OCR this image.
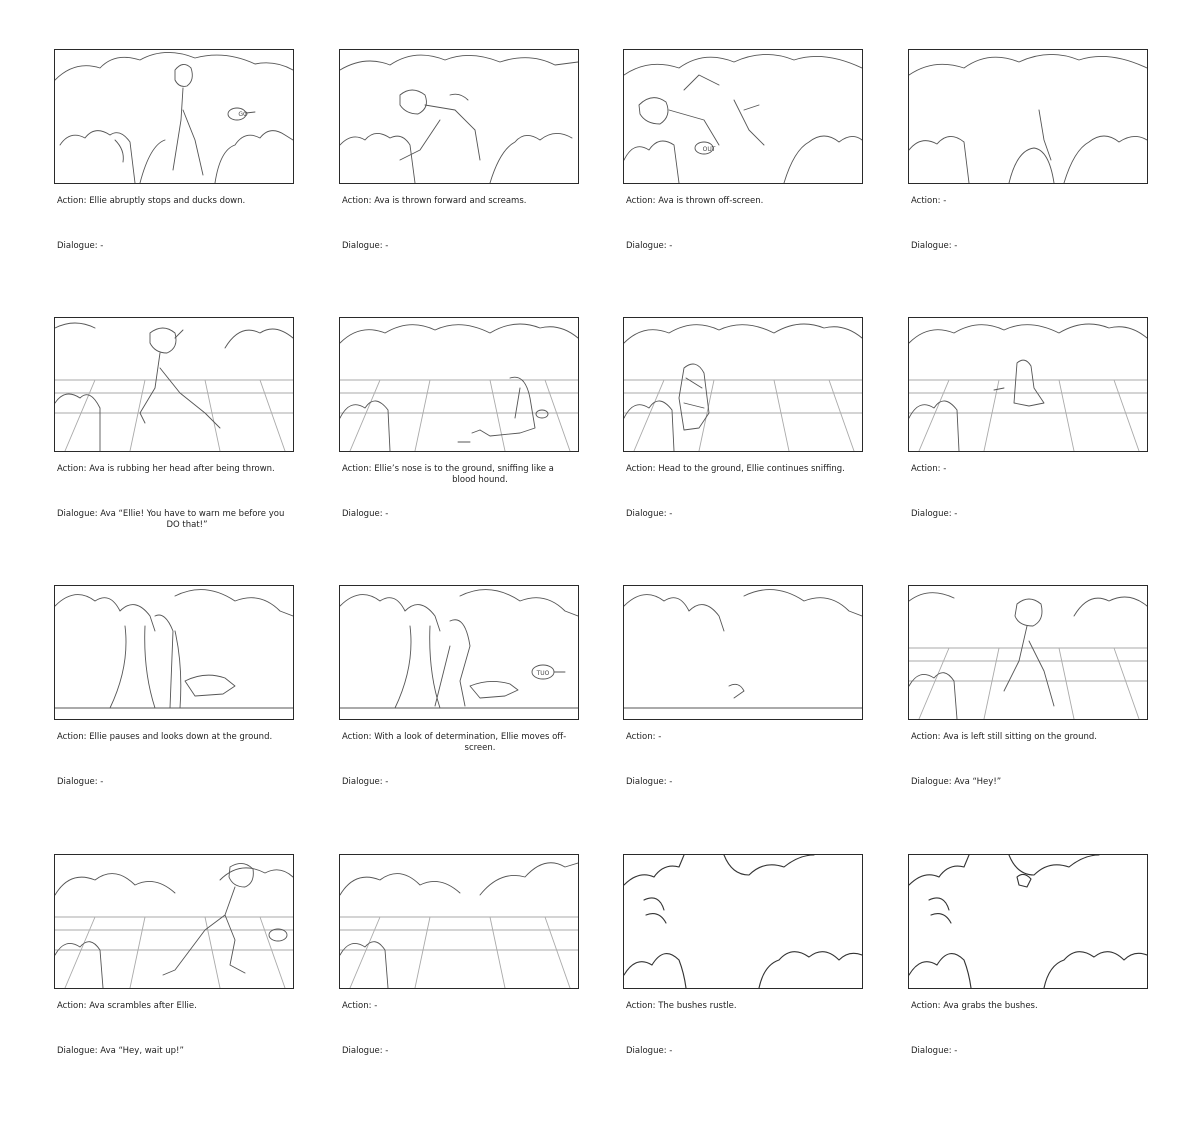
GO
Action: Ellie abruptly stops and ducks down.
Dialogue: -
Action: Ava is thrown forward and screams.
Dialogue: -
OUT
Action: Ava is thrown off-screen.
Dialogue: -
Action: -
Dialogue: -
Action: Ava is rubbing her head after being thrown.
Dialogue: Ava “Ellie! You have to warn me before you
DO that!”
Action: Ellie’s nose is to the ground, sniffing like a
blood hound.
Dialogue: -
Action: Head to the ground, Ellie continues sniffing.
Dialogue: -
Action: -
Dialogue: -
Action: Ellie pauses and looks down at the ground.
Dialogue: -
TUO
Action: With a look of determination, Ellie moves off-
screen.
Dialogue: -
Action: -
Dialogue: -
Action: Ava is left still sitting on the ground.
Dialogue: Ava “Hey!”
Action: Ava scrambles after Ellie.
Dialogue: Ava “Hey, wait up!”
Action: -
Dialogue: -
Action: The bushes rustle.
Dialogue: -
Action: Ava grabs the bushes.
Dialogue: -
